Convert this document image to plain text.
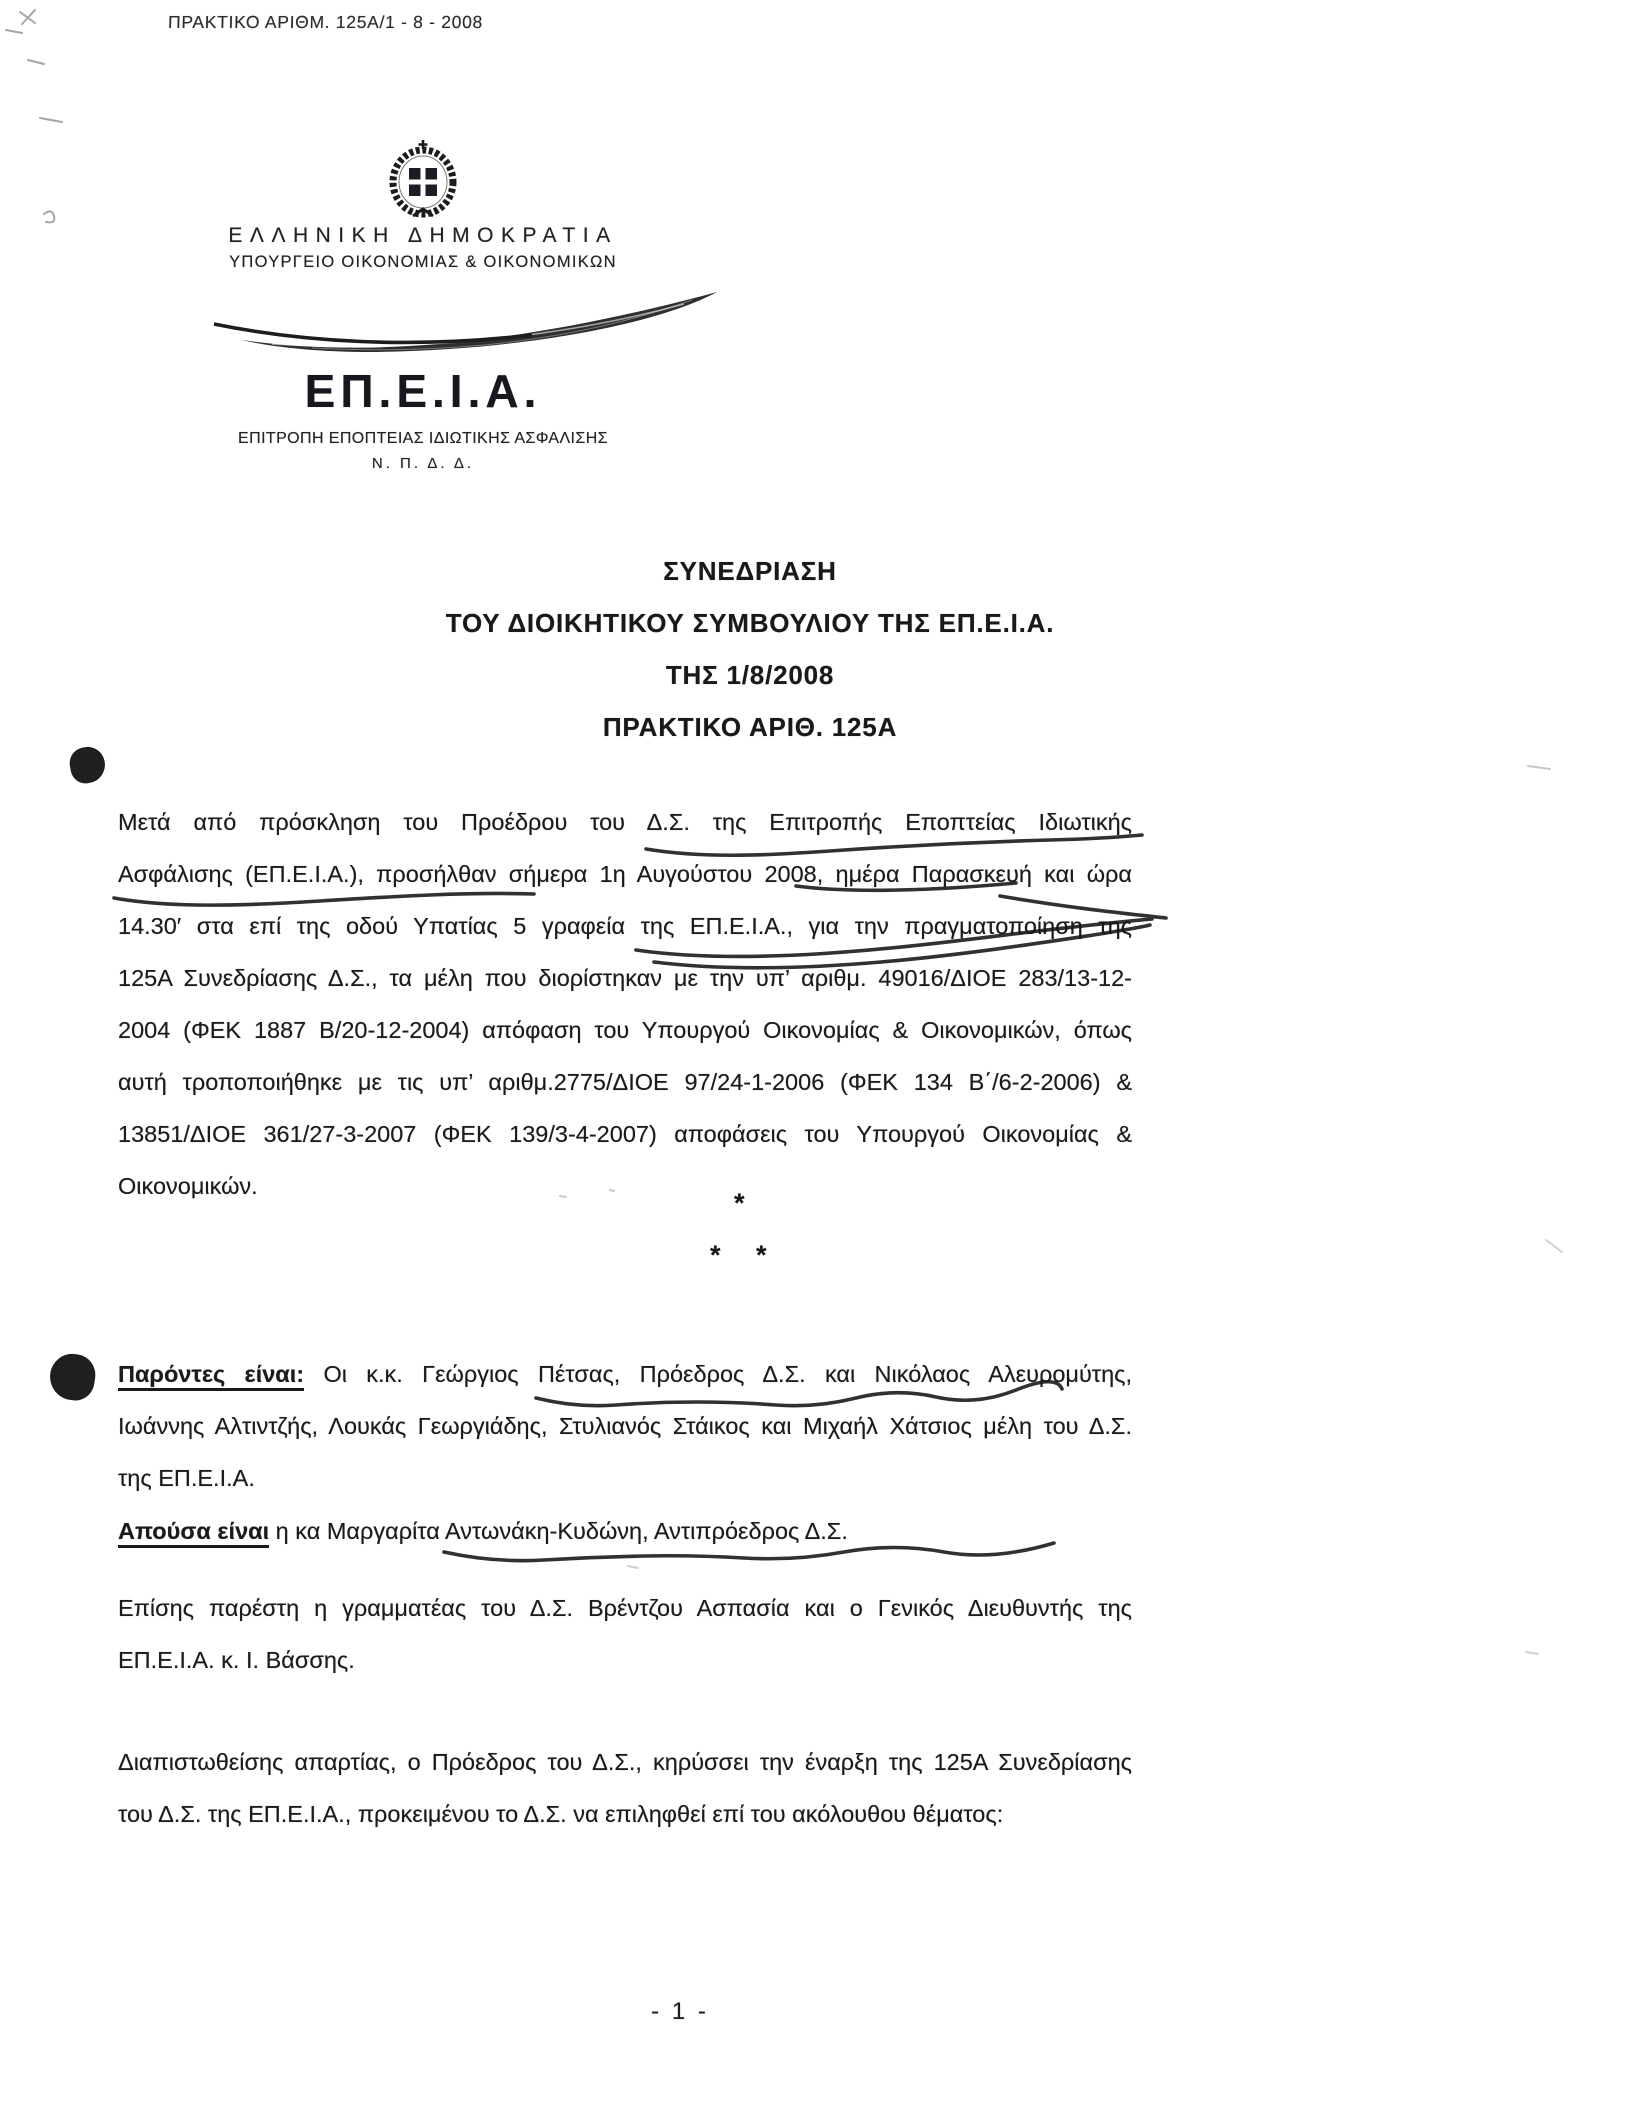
ΠΡΑΚΤΙΚΟ ΑΡΙΘΜ. 125Α/1 - 8 - 2008
ΕΛΛΗΝΙΚΗ ΔΗΜΟΚΡΑΤΙΑ
ΥΠΟΥΡΓΕΙΟ ΟΙΚΟΝΟΜΙΑΣ & ΟΙΚΟΝΟΜΙΚΩΝ
ΕΠ.Ε.Ι.Α.
ΕΠΙΤΡΟΠΗ ΕΠΟΠΤΕΙΑΣ ΙΔΙΩΤΙΚΗΣ ΑΣΦΑΛΙΣΗΣ
Ν. Π. Δ. Δ.
ΣΥΝΕΔΡΙΑΣΗ
ΤΟΥ ΔΙΟΙΚΗΤΙΚΟΥ ΣΥΜΒΟΥΛΙΟΥ ΤΗΣ ΕΠ.Ε.Ι.Α.
ΤΗΣ 1/8/2008
ΠΡΑΚΤΙΚΟ ΑΡΙΘ. 125Α
Μετά από πρόσκληση του Προέδρου του Δ.Σ. της Επιτροπής Εποπτείας Ιδιωτικής
Ασφάλισης (ΕΠ.Ε.Ι.Α.), προσήλθαν σήμερα 1η Αυγούστου 2008, ημέρα Παρασκευή και ώρα
14.30′ στα επί της οδού Υπατίας 5 γραφεία της ΕΠ.Ε.Ι.Α., για την πραγματοποίηση της
125Α Συνεδρίασης Δ.Σ., τα μέλη που διορίστηκαν με την υπ’ αριθμ. 49016/ΔΙΟΕ 283/13-12-
2004 (ΦΕΚ 1887 Β/20-12-2004) απόφαση του Υπουργού Οικονομίας & Οικονομικών, όπως
αυτή τροποποιήθηκε με τις υπ’ αριθμ.2775/ΔΙΟΕ 97/24-1-2006 (ΦΕΚ 134 Β΄/6-2-2006) &
13851/ΔΙΟΕ 361/27-3-2007 (ΦΕΚ 139/3-4-2007) αποφάσεις του Υπουργού Οικονομίας &
Οικονομικών.
*
* *
Παρόντες είναι: Οι κ.κ. Γεώργιος Πέτσας, Πρόεδρος Δ.Σ. και Νικόλαος Αλευρομύτης,
Ιωάννης Αλτιντζής, Λουκάς Γεωργιάδης, Στυλιανός Στάικος και Μιχαήλ Χάτσιος μέλη του Δ.Σ.
της ΕΠ.Ε.Ι.Α.
Απούσα είναι η κα Μαργαρίτα Αντωνάκη-Κυδώνη, Αντιπρόεδρος Δ.Σ.
Επίσης παρέστη η γραμματέας του Δ.Σ. Βρέντζου Ασπασία και ο Γενικός Διευθυντής της
ΕΠ.Ε.Ι.Α. κ. Ι. Βάσσης.
Διαπιστωθείσης απαρτίας, ο Πρόεδρος του Δ.Σ., κηρύσσει την έναρξη της 125Α Συνεδρίασης
του Δ.Σ. της ΕΠ.Ε.Ι.Α., προκειμένου το Δ.Σ. να επιληφθεί επί του ακόλουθου θέματος:
- 1 -
